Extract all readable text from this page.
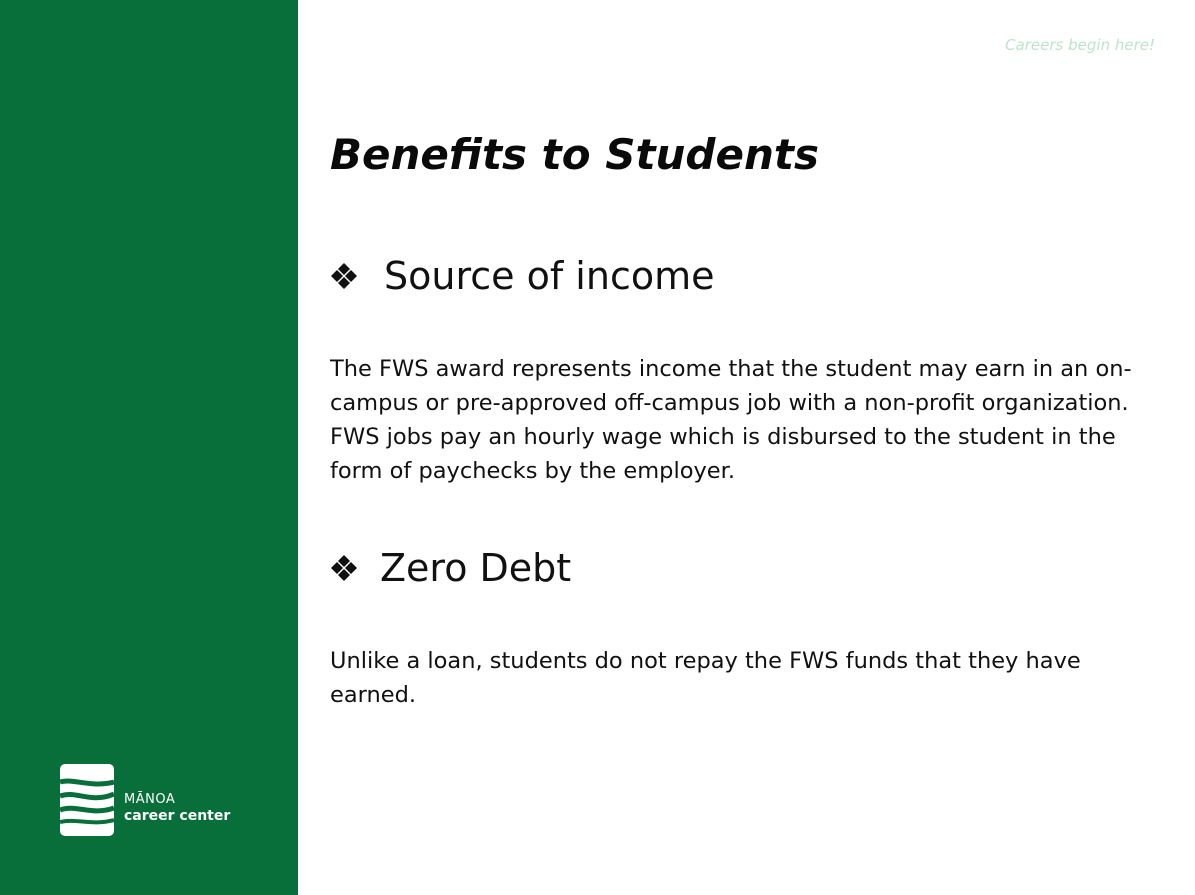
MĀNOA
career center
Careers begin here!
Benefits to Students
Source of income

The FWS award represents income that the student may earn in an on-campus or pre-approved off-campus job with a non-profit organization. FWS jobs pay an hourly wage which is disbursed to the student in the form of paychecks by the employer.

Zero Debt

Unlike a loan, students do not repay the FWS funds that they have earned.
